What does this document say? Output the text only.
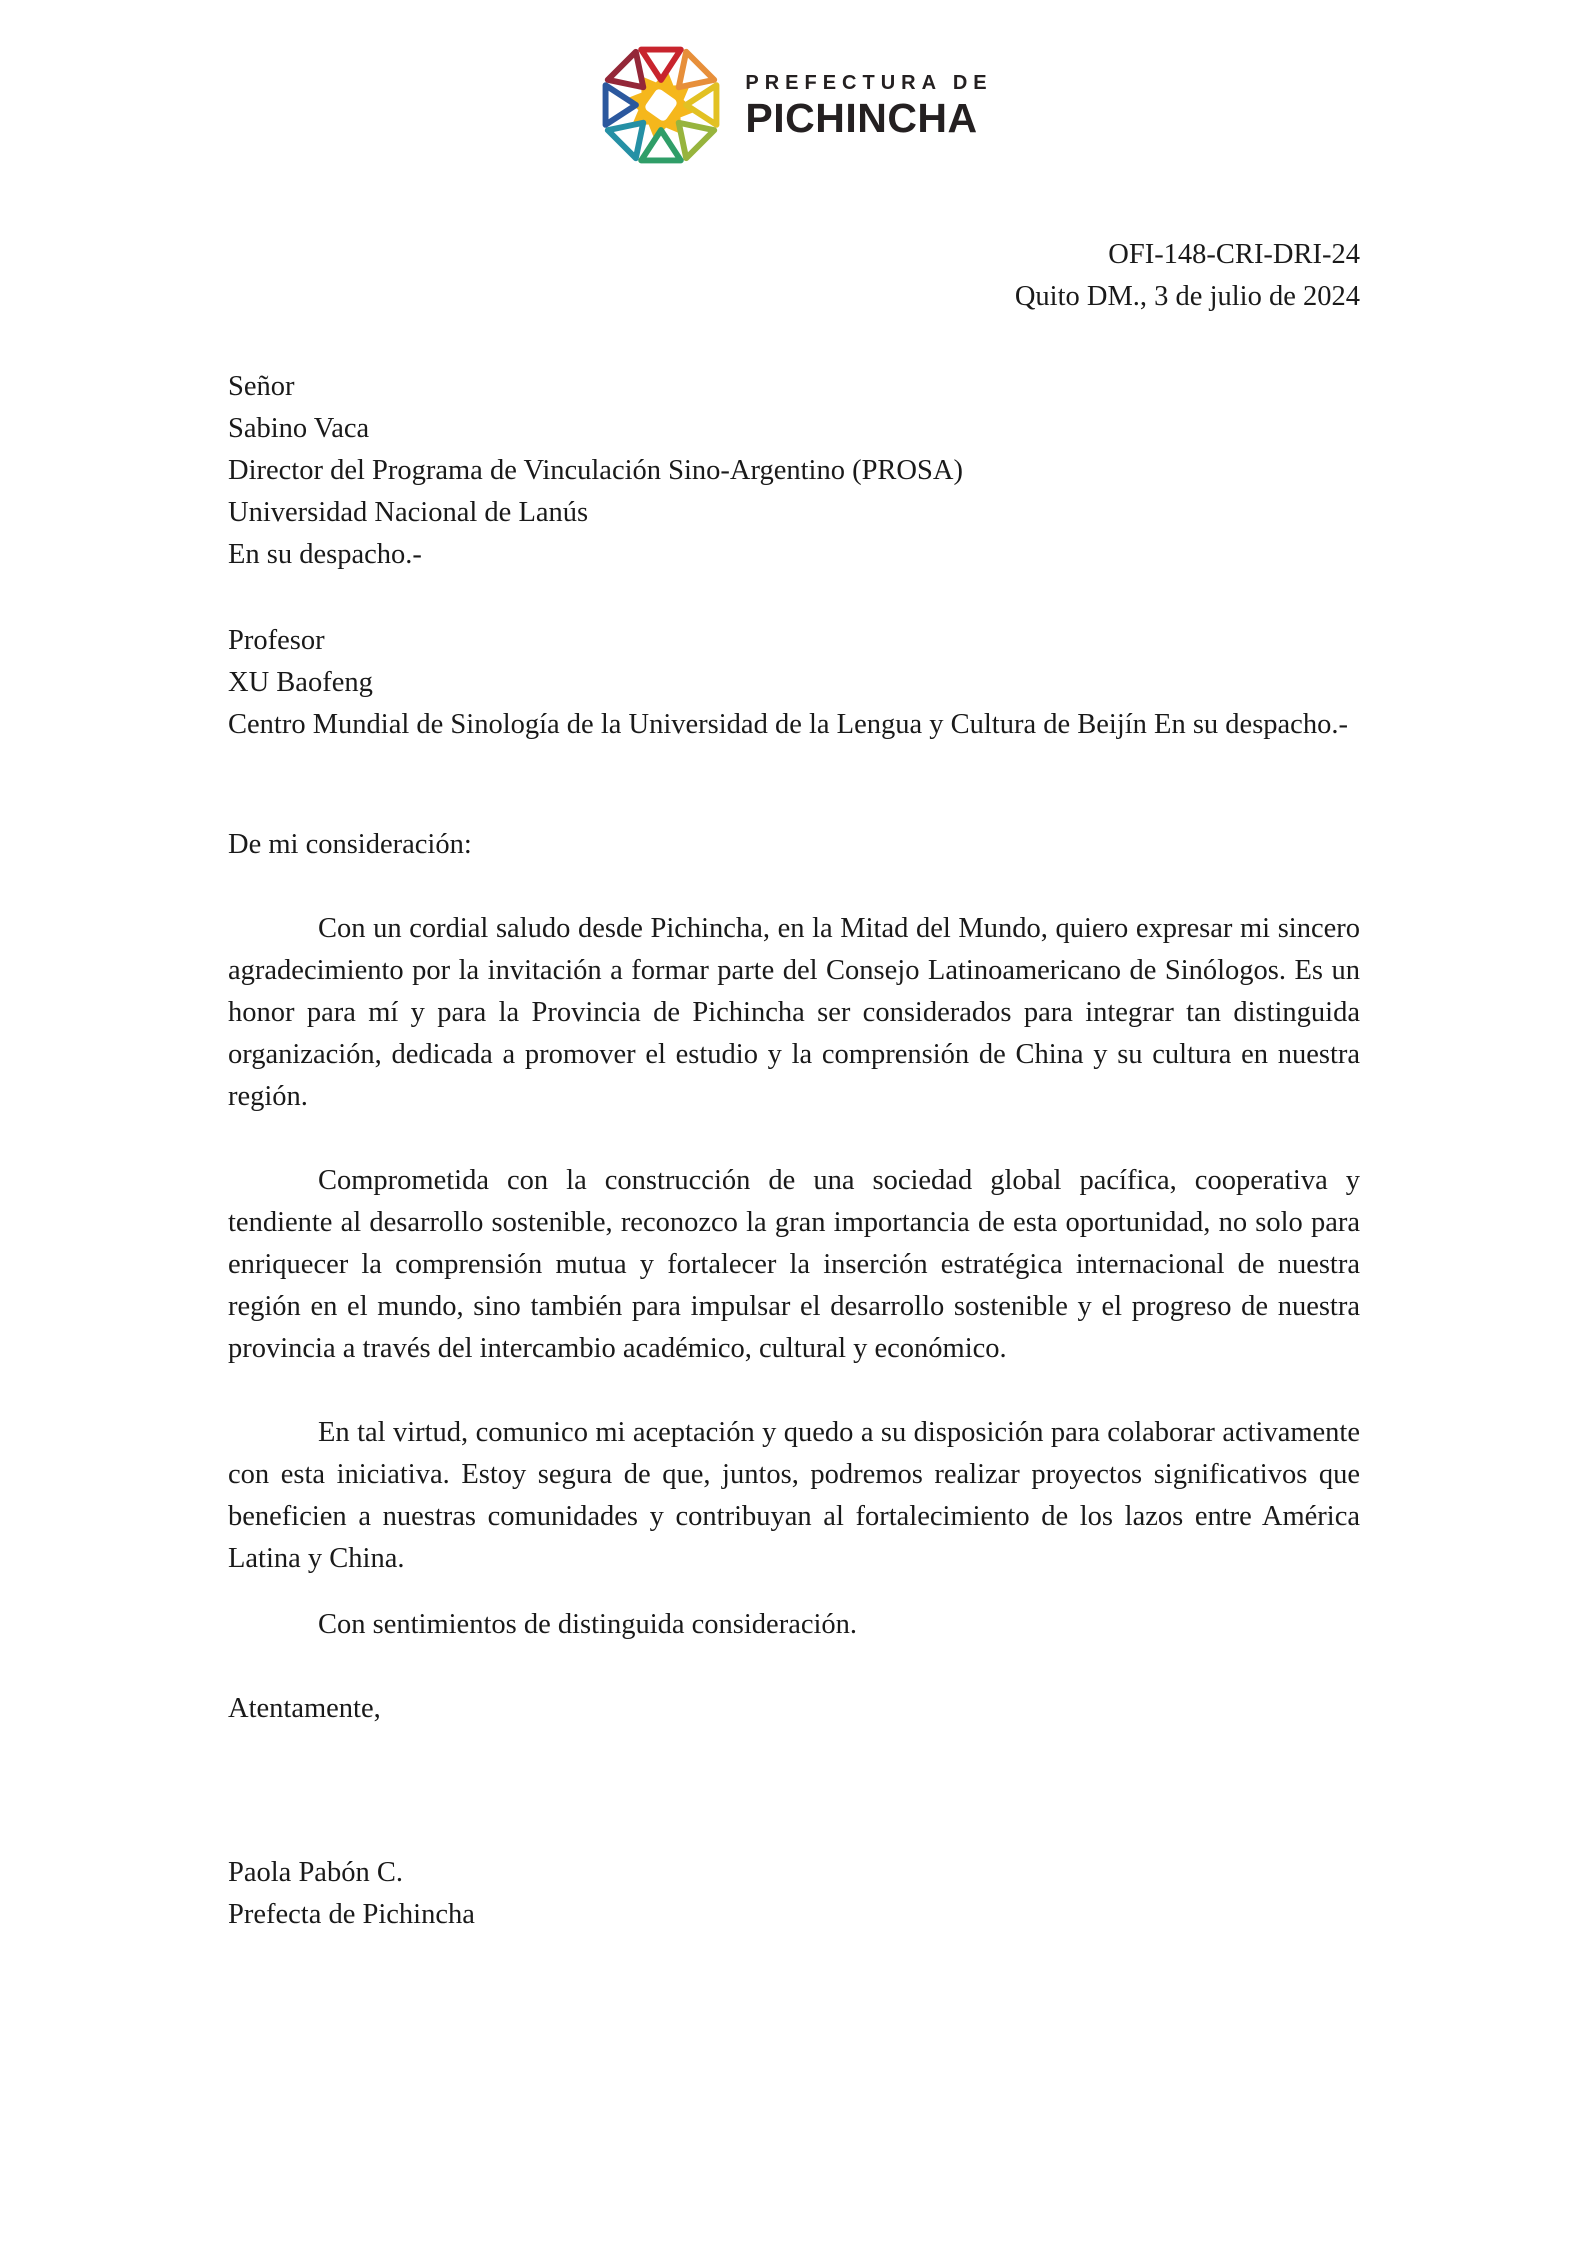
PREFECTURA DE
PICHINCHA
OFI-148-CRI-DRI-24
Quito DM., 3 de julio de 2024
Señor
Sabino Vaca
Director del Programa de Vinculación Sino-Argentino (PROSA)
Universidad Nacional de Lanús
En su despacho.-
Profesor
XU Baofeng
Centro Mundial de Sinología de la Universidad de la Lengua y Cultura de Beijín En su despacho.-
De mi consideración:

Con un cordial saludo desde Pichincha, en la Mitad del Mundo, quiero expresar mi sincero agradecimiento por la invitación a formar parte del Consejo Latinoamericano de Sinólogos. Es un honor para mí y para la Provincia de Pichincha ser considerados para integrar tan distinguida organización, dedicada a promover el estudio y la comprensión de China y su cultura en nuestra región.

Comprometida con la construcción de una sociedad global pacífica, cooperativa y tendiente al desarrollo sostenible, reconozco la gran importancia de esta oportunidad, no solo para enriquecer la comprensión mutua y fortalecer la inserción estratégica internacional de nuestra región en el mundo, sino también para impulsar el desarrollo sostenible y el progreso de nuestra provincia a través del intercambio académico, cultural y económico.

En tal virtud, comunico mi aceptación y quedo a su disposición para colaborar activamente con esta iniciativa. Estoy segura de que, juntos, podremos realizar proyectos significativos que beneficien a nuestras comunidades y contribuyan al fortalecimiento de los lazos entre América Latina y China.

Con sentimientos de distinguida consideración.
Atentamente,
Paola Pabón C.
Prefecta de Pichincha
